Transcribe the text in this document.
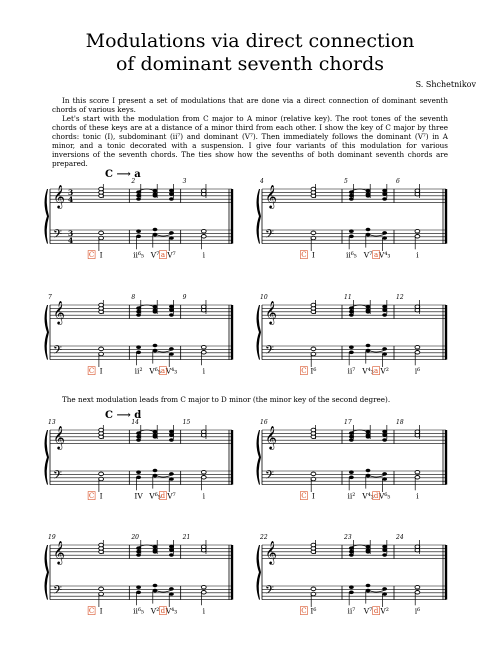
Modulations via direct connection
of dominant seventh chords
S. Shchetnikov

In this score I present a set of modulations that are done via a direct connection of dominant seventh chords of various keys.

Let's start with the modulation from C major to A minor (relative key). The root tones of the seventh chords of these keys are at a distance of a minor third from each other. I show the key of C major by three chords: tonic (I), subdominant (ii⁷) and dominant (V⁷). Then immediately follows the dominant (V⁷) in A minor, and a tonic decorated with a suspension. I give four variants of this modulation for various inversions of the seventh chords. The ties show how the sevenths of both dominant seventh chords are prepared.

The next modulation leads from C major to D minor (the minor key of the second degree).

C ⟶ a
𝄞
𝄢
3
4
3
4
2	3
C I	ii⁶₅ V⁷ V⁷	i
a
𝄞
𝄢
4	5	6
C I	ii⁶₅ V⁷ V⁴₃	i
a
𝄞
𝄢
7	8	9
C I	ii² V⁶₅ V⁴₃	i
a
𝄞
𝄢
10	11	12
C I⁶	ii⁷ V⁴₃ V²	i⁶
a
C ⟶ d
𝄞
𝄢
13	14	15
C I	IV V⁶₅ V⁷	i
d
𝄞
𝄢
16	17	18
C I	ii² V⁴₃ V⁶₅	i
d
𝄞
𝄢
19	20	21
C I	ii⁶₅ V² V⁴₃	i
d
𝄞
𝄢
22	23	24
C I⁶	ii⁷ V⁷ V²	i⁶
d
